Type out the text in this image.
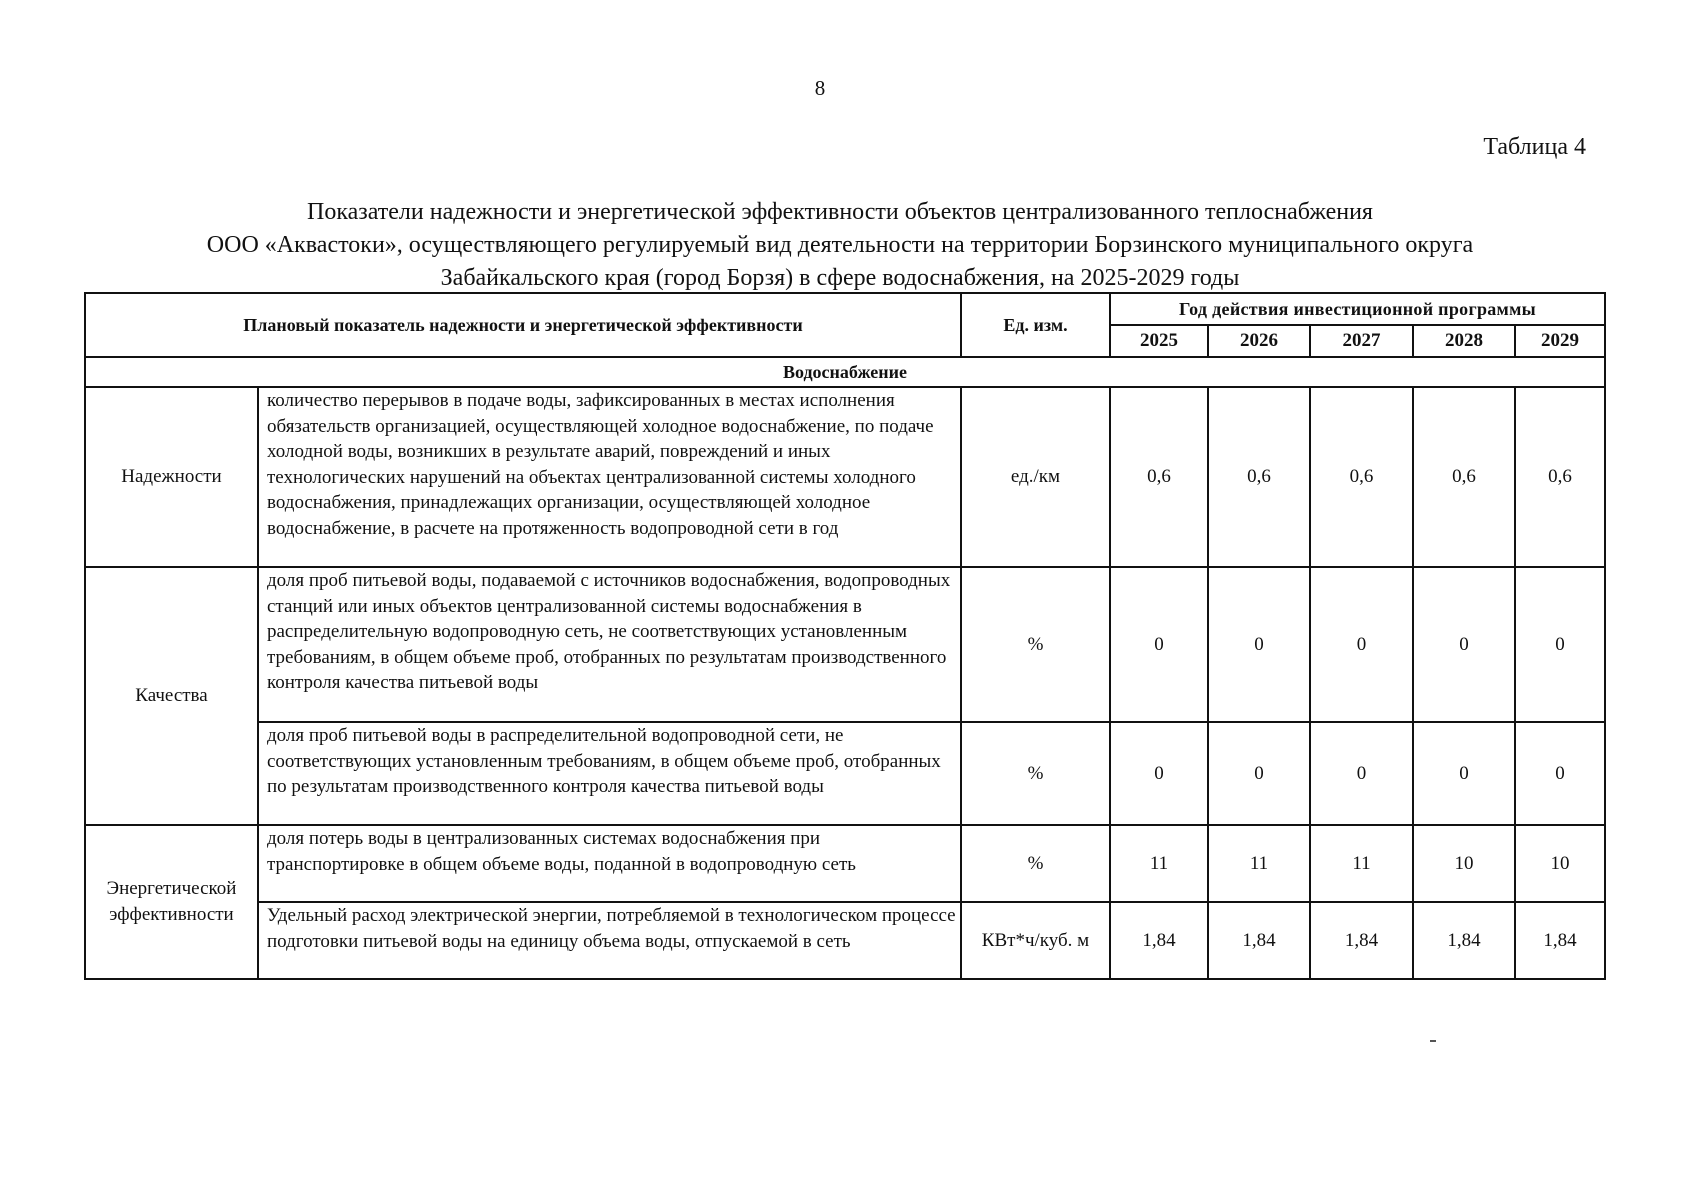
8
Таблица 4
Показатели надежности и энергетической эффективности объектов централизованного теплоснабжения
ООО «Аквастоки», осуществляющего регулируемый вид деятельности на территории Борзинского муниципального округа
Забайкальского края (город Борзя) в сфере водоснабжения, на 2025-2029 годы
Плановый показатель надежности и энергетической эффективности		Ед. изм.	Год действия инвестиционной программы				
			2025	2026	2027	2028	2029
Водоснабжение							
Надежности	количество перерывов в подаче воды, зафиксированных в местах исполнения обязательств организацией, осуществляющей холодное водоснабжение, по подаче холодной воды, возникших в результате аварий, повреждений и иных технологических нарушений на объектах централизованной системы холодного водоснабжения, принадлежащих организации, осуществляющей холодное водоснабжение, в расчете на протяженность водопроводной сети в год	ед./км	0,6	0,6	0,6	0,6	0,6
Качества	доля проб питьевой воды, подаваемой с источников водоснабжения, водопроводных станций или иных объектов централизованной системы водоснабжения в распределительную водопроводную сеть, не соответствующих установленным требованиям, в общем объеме проб, отобранных по результатам производственного контроля качества питьевой воды	%	0	0	0	0	0
	доля проб питьевой воды в распределительной водопроводной сети, не соответствующих установленным требованиям, в общем объеме проб, отобранных по результатам производственного контроля качества питьевой воды	%	0	0	0	0	0
Энергетической эффективности	доля потерь воды в централизованных системах водоснабжения при транспортировке в общем объеме воды, поданной в водопроводную сеть	%	11	11	11	10	10
	Удельный расход электрической энергии, потребляемой в технологическом процессе подготовки питьевой воды на единицу объема воды, отпускаемой в сеть	КВт*ч/куб. м	1,84	1,84	1,84	1,84	1,84
